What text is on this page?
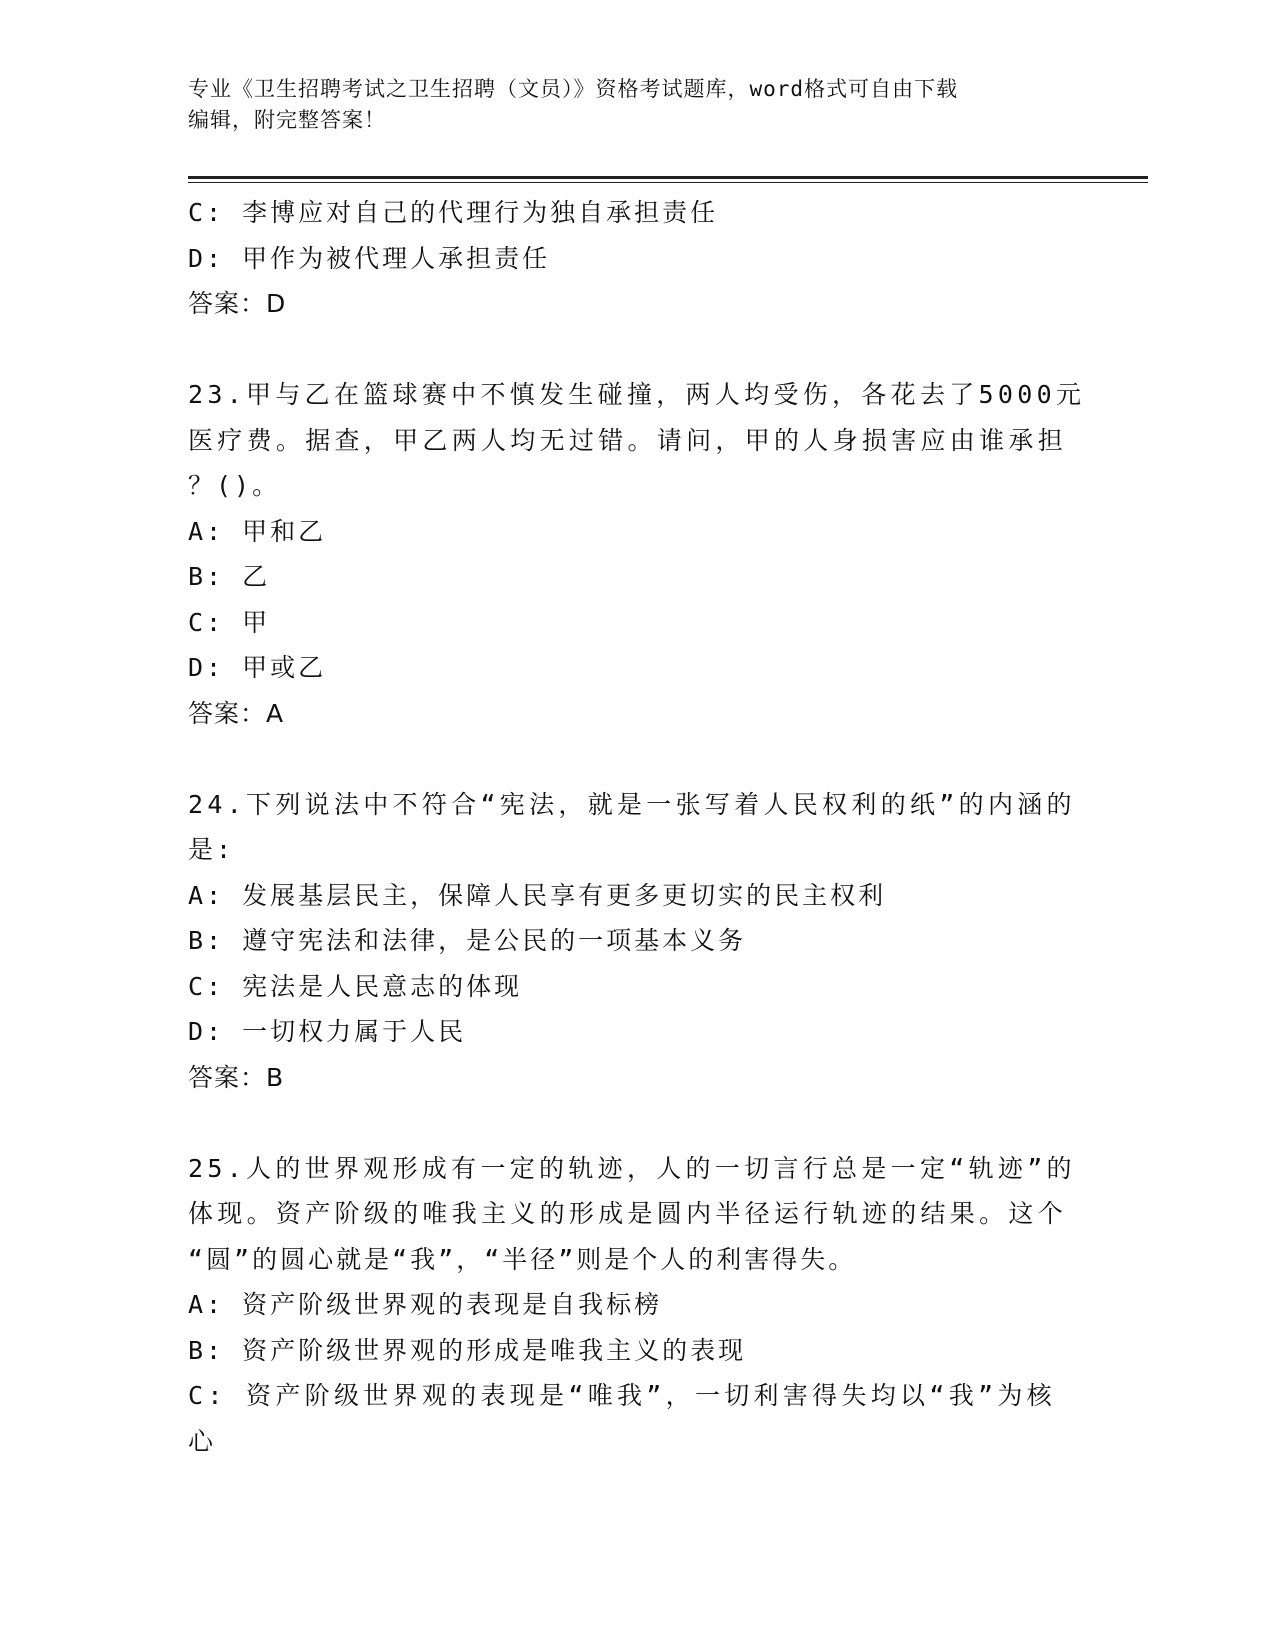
专业《卫生招聘考试之卫生招聘（文员）》资格考试题库，word格式可自由下载
编辑，附完整答案！
C: 李博应对自己的代理行为独自承担责任
D: 甲作为被代理人承担责任
答案：D
23.甲与乙在篮球赛中不慎发生碰撞，两人均受伤，各花去了5000元
医疗费。据查，甲乙两人均无过错。请问，甲的人身损害应由谁承担
？()。
A: 甲和乙
B: 乙
C: 甲
D: 甲或乙
答案：A
24.下列说法中不符合“宪法，就是一张写着人民权利的纸”的内涵的
是:
A: 发展基层民主，保障人民享有更多更切实的民主权利
B: 遵守宪法和法律，是公民的一项基本义务
C: 宪法是人民意志的体现
D: 一切权力属于人民
答案：B
25.人的世界观形成有一定的轨迹，人的一切言行总是一定“轨迹”的
体现。资产阶级的唯我主义的形成是圆内半径运行轨迹的结果。这个
“圆”的圆心就是“我”，“半径”则是个人的利害得失。
A: 资产阶级世界观的表现是自我标榜
B: 资产阶级世界观的形成是唯我主义的表现
C: 资产阶级世界观的表现是“唯我”，一切利害得失均以“我”为核
心
